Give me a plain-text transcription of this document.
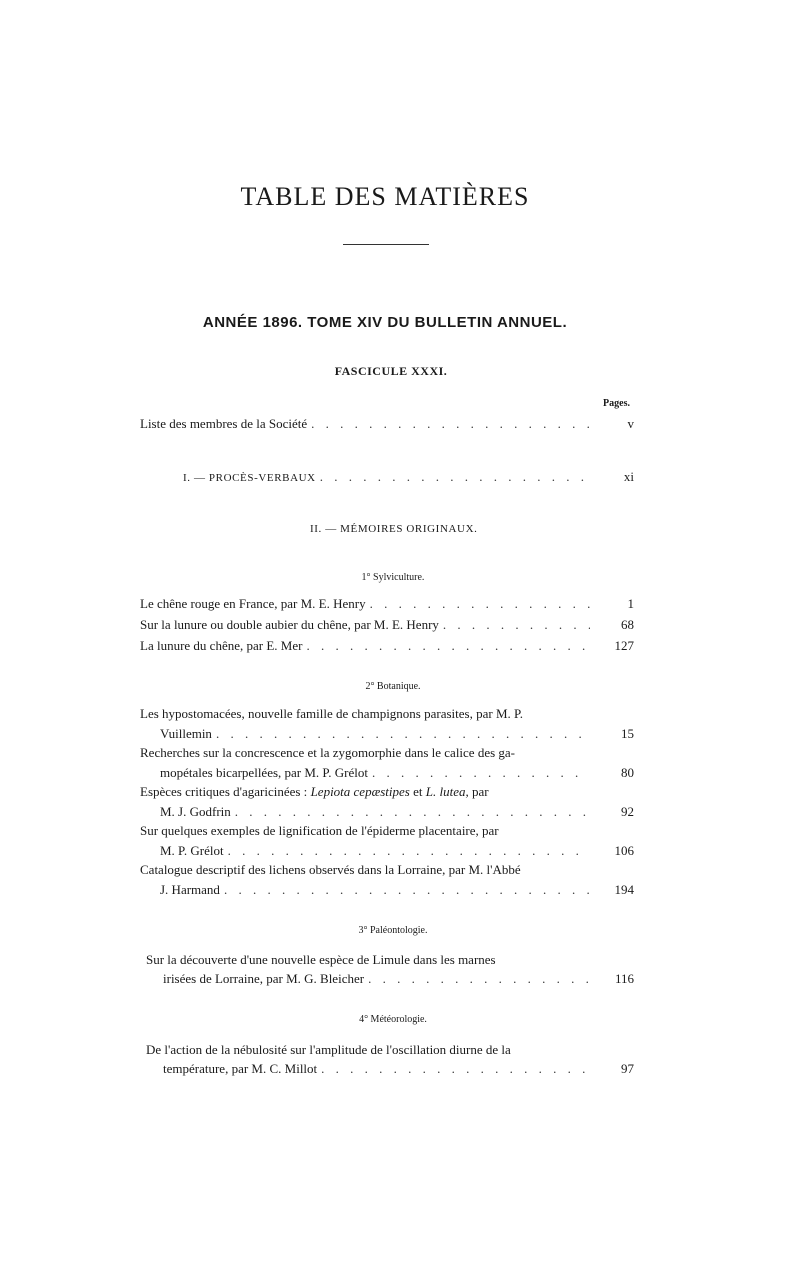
TABLE DES MATIÈRES
ANNÉE 1896. TOME XIV DU BULLETIN ANNUEL.
FASCICULE XXXI.
Pages.
Liste des membres de la Société . . .	v
I. — PROCÈS-VERBAUX . . .	xi
II. — MÉMOIRES ORIGINAUX.
1° Sylviculture.
Le chêne rouge en France, par M. E. Henry . . .	1
Sur la lunure ou double aubier du chêne, par M. E. Henry . . .	68
La lunure du chêne, par E. Mer . . .	127
2° Botanique.
Les hypostomacées, nouvelle famille de champignons parasites, par M. P.
Vuillemin . . .	15
Recherches sur la concrescence et la zygomorphie dans le calice des ga-
mopétales bicarpellées, par M. P. Grélot . . .	80
Espèces critiques d'agaricinées : Lepiota cepæstipes et L. lutea, par
M. J. Godfrin . . .	92
Sur quelques exemples de lignification de l'épiderme placentaire, par
M. P. Grélot . . .	106
Catalogue descriptif des lichens observés dans la Lorraine, par M. l'Abbé
J. Harmand . . .	194
3° Paléontologie.
Sur la découverte d'une nouvelle espèce de Limule dans les marnes
irisées de Lorraine, par M. G. Bleicher . . .	116
4° Météorologie.
De l'action de la nébulosité sur l'amplitude de l'oscillation diurne de la
température, par M. C. Millot . . .	97
